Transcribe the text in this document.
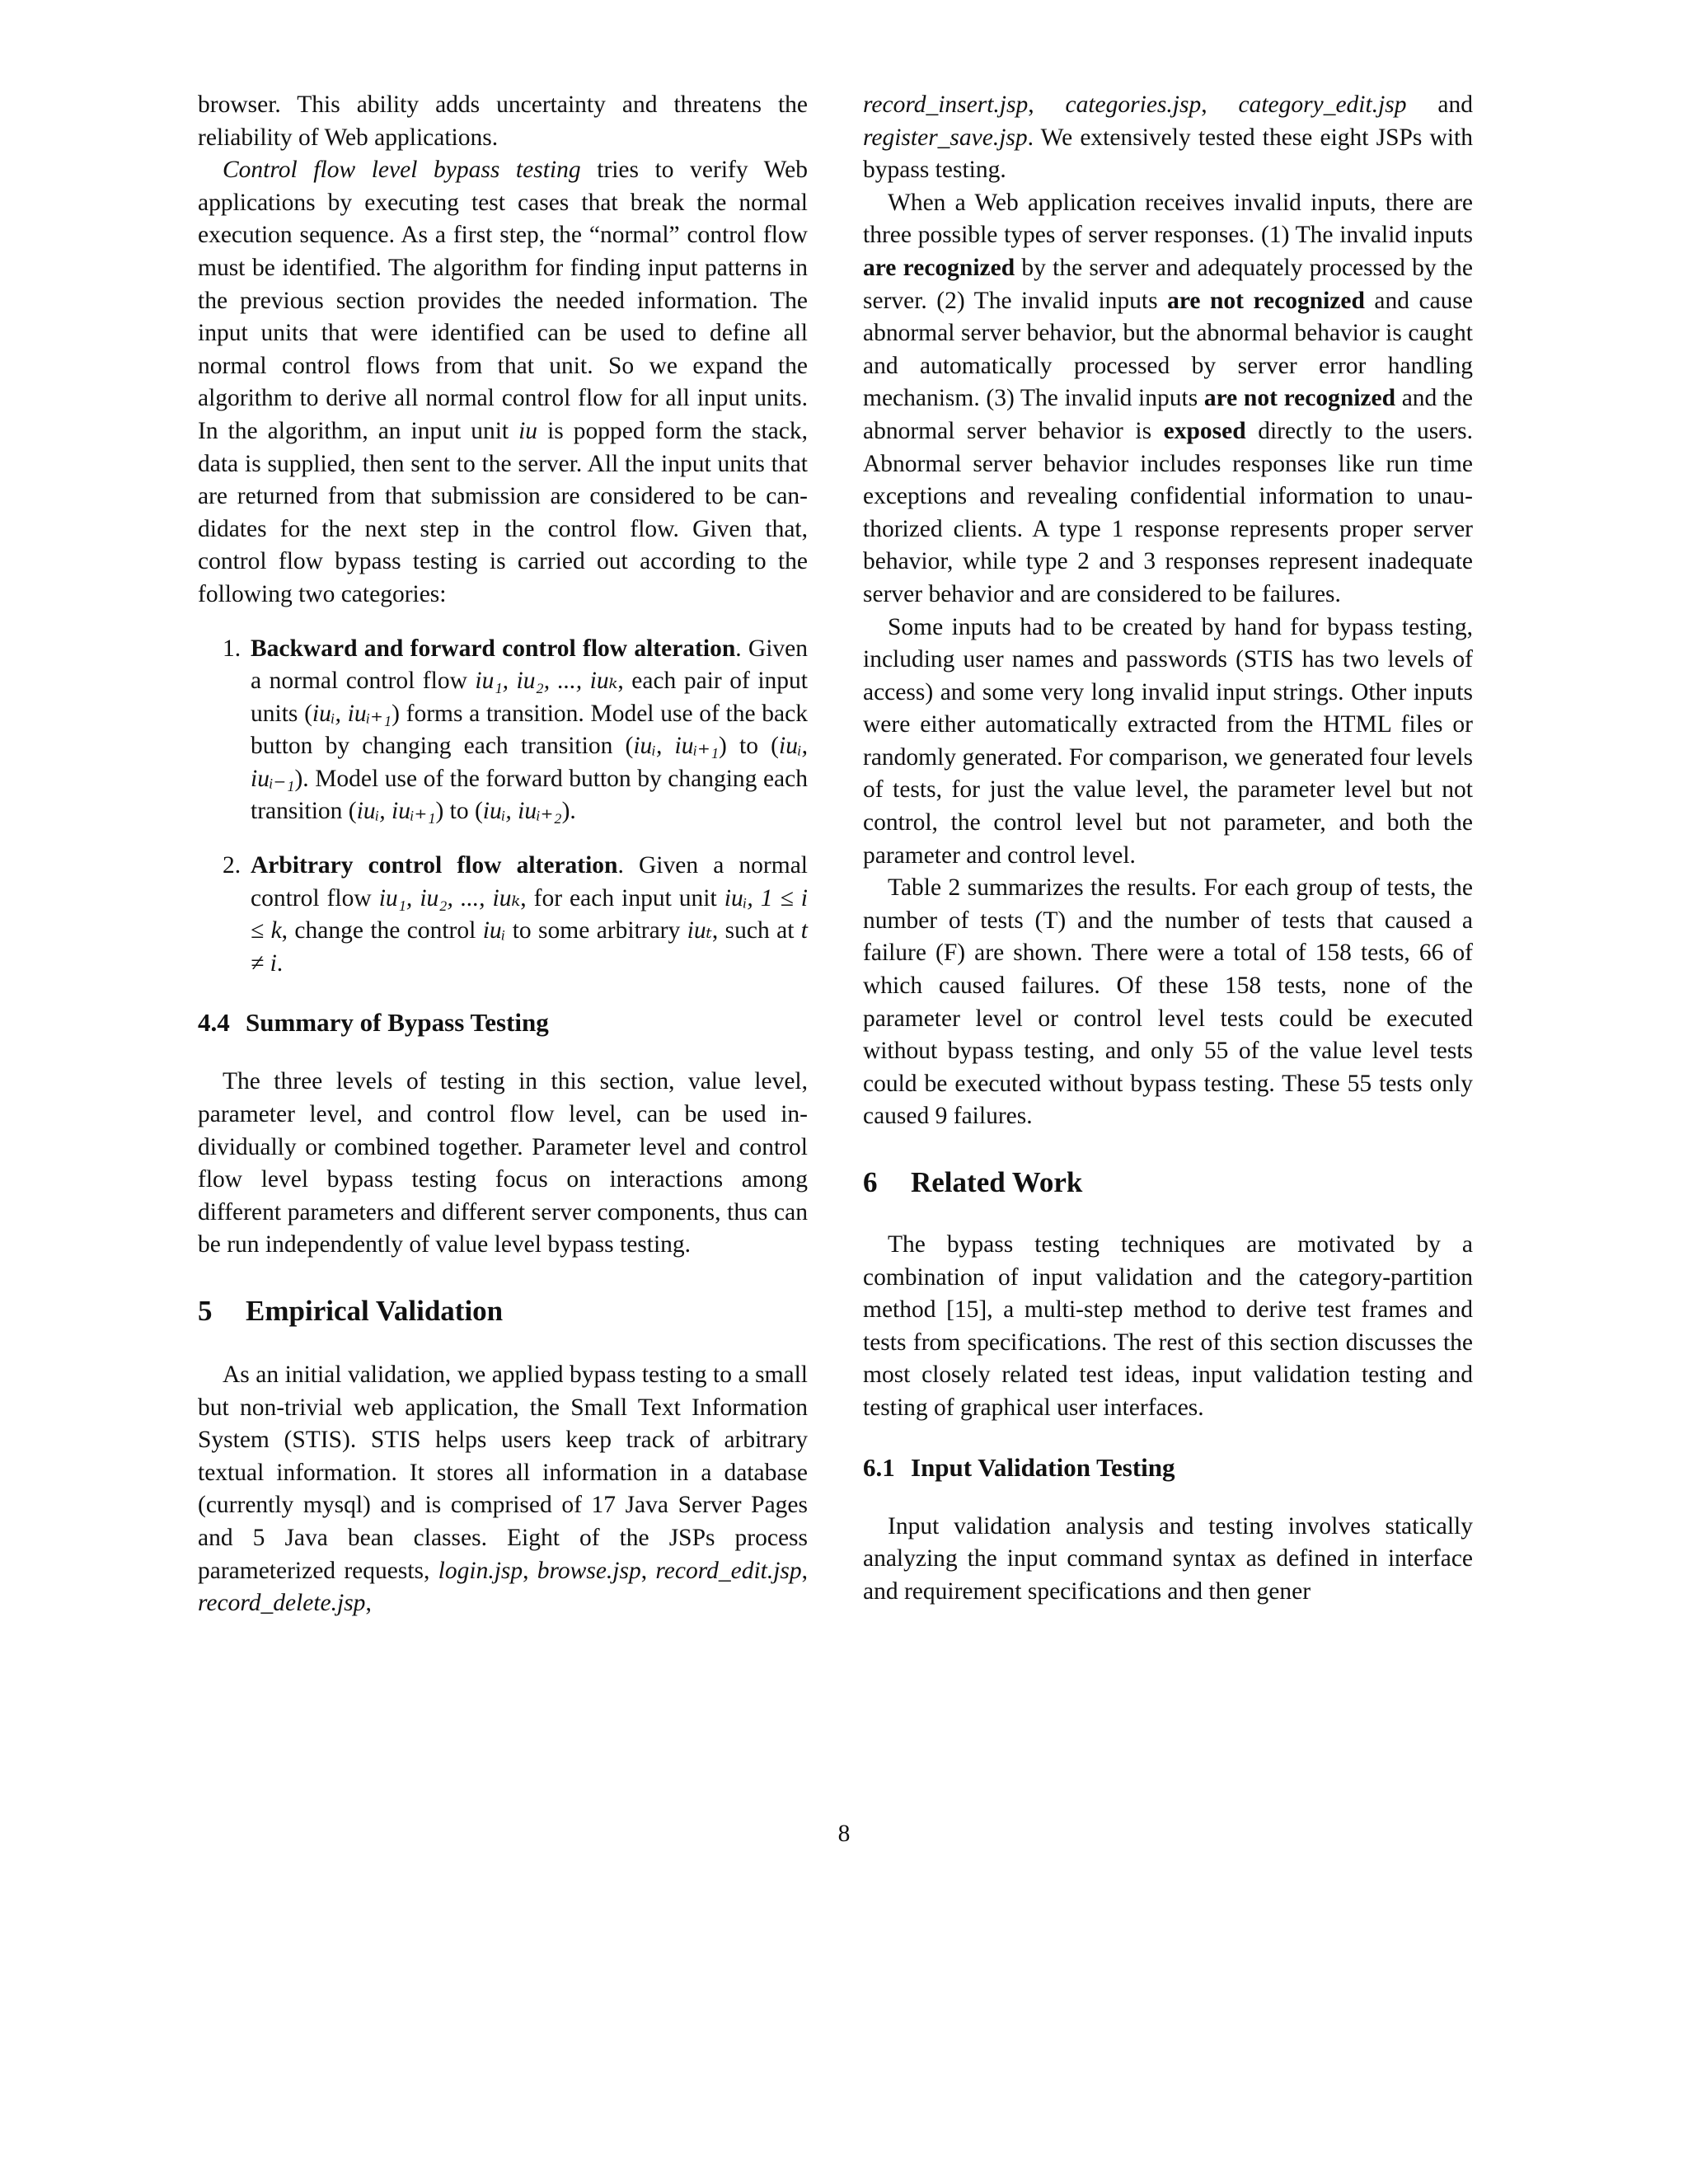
browser. This ability adds uncertainty and threatens the reliability of Web applications.

Control flow level bypass testing tries to verify Web applications by executing test cases that break the normal execution sequence. As a first step, the “normal” control flow must be identified. The algorithm for finding input patterns in the previous section provides the needed information. The input units that were identified can be used to define all normal control flows from that unit. So we expand the algorithm to derive all normal control flow for all input units. In the algorithm, an input unit iu is popped form the stack, data is supplied, then sent to the server. All the input units that are returned from that submission are considered to be candidates for the next step in the control flow. Given that, control flow bypass testing is carried out according to the following two categories:

1. Backward and forward control flow alteration. Given a normal control flow iu₁, iu₂, ..., iuₖ, each pair of input units (iuᵢ, iuᵢ₊₁) forms a transition. Model use of the back button by changing each transition (iuᵢ, iuᵢ₊₁) to (iuᵢ, iuᵢ₋₁). Model use of the forward button by changing each transition (iuᵢ, iuᵢ₊₁) to (iuᵢ, iuᵢ₊₂).

2. Arbitrary control flow alteration. Given a normal control flow iu₁, iu₂, ..., iuₖ, for each input unit iuᵢ, 1 ≤ i ≤ k, change the control iuᵢ to some arbitrary iuₜ, such at t ≠ i.

4.4 Summary of Bypass Testing

The three levels of testing in this section, value level, parameter level, and control flow level, can be used individually or combined together. Parameter level and control flow level bypass testing focus on interactions among different parameters and different server components, thus can be run independently of value level bypass testing.

5 Empirical Validation

As an initial validation, we applied bypass testing to a small but non-trivial web application, the Small Text Information System (STIS). STIS helps users keep track of arbitrary textual information. It stores all information in a database (currently mysql) and is comprised of 17 Java Server Pages and 5 Java bean classes. Eight of the JSPs process parameterized requests, login.jsp, browse.jsp, record_edit.jsp, record_delete.jsp,

record_insert.jsp, categories.jsp, category_edit.jsp and register_save.jsp. We extensively tested these eight JSPs with bypass testing.

When a Web application receives invalid inputs, there are three possible types of server responses. (1) The invalid inputs are recognized by the server and adequately processed by the server. (2) The invalid inputs are not recognized and cause abnormal server behavior, but the abnormal behavior is caught and automatically processed by server error handling mechanism. (3) The invalid inputs are not recognized and the abnormal server behavior is exposed directly to the users. Abnormal server behavior includes responses like run time exceptions and revealing confidential information to unauthorized clients. A type 1 response represents proper server behavior, while type 2 and 3 responses represent inadequate server behavior and are considered to be failures.

Some inputs had to be created by hand for bypass testing, including user names and passwords (STIS has two levels of access) and some very long invalid input strings. Other inputs were either automatically extracted from the HTML files or randomly generated. For comparison, we generated four levels of tests, for just the value level, the parameter level but not control, the control level but not parameter, and both the parameter and control level.

Table 2 summarizes the results. For each group of tests, the number of tests (T) and the number of tests that caused a failure (F) are shown. There were a total of 158 tests, 66 of which caused failures. Of these 158 tests, none of the parameter level or control level tests could be executed without bypass testing, and only 55 of the value level tests could be executed without bypass testing. These 55 tests only caused 9 failures.

6 Related Work

The bypass testing techniques are motivated by a combination of input validation and the category-partition method [15], a multi-step method to derive test frames and tests from specifications. The rest of this section discusses the most closely related test ideas, input validation testing and testing of graphical user interfaces.

6.1 Input Validation Testing

Input validation analysis and testing involves statically analyzing the input command syntax as defined in interface and requirement specifications and then gener

8
